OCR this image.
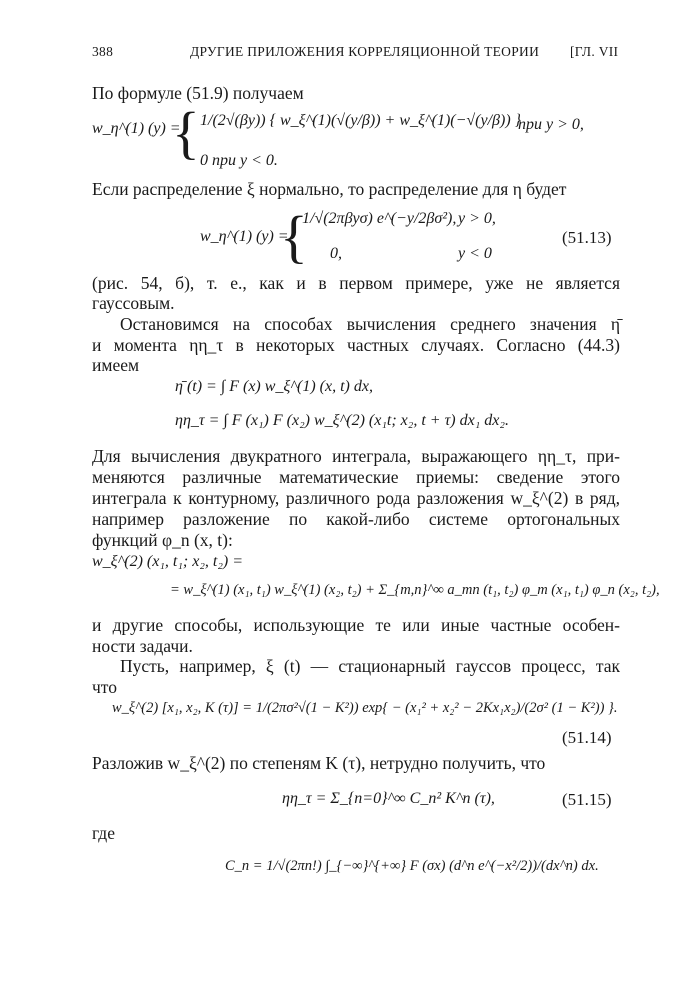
388	ДРУГИЕ ПРИЛОЖЕНИЯ КОРРЕЛЯЦИОННОЙ ТЕОРИИ [ГЛ. VII
По формуле (51.9) получаем
w_η^(1) (y) =
{ 1/(2√(βy)) { w_ξ^(1)(√(y/β)) + w_ξ^(1)(−√(y/β)) }
при y > 0,
0 при y < 0.
Если распределение ξ нормально, то распределение для η будет
w_η^(1) (y) =
{
1/√(2πβyσ) e^(−y/2βσ²), y > 0,
0,	y < 0
(51.13)
(рис. 54, б), т. е., как и в первом примере, уже не является
гауссовым.
Остановимся на способах вычисления среднего значения η̄
и момента ηη_τ в некоторых частных случаях. Согласно (44.3)
имеем
η̄ (t) = ∫ F (x) w_ξ^(1) (x, t) dx,
ηη_τ = ∫ F (x₁) F (x₂) w_ξ^(2) (x₁t; x₂, t + τ) dx₁ dx₂.
Для вычисления двукратного интеграла, выражающего ηη_τ, при-
меняются различные математические приемы: сведение этого
интеграла к контурному, различного рода разложения w_ξ^(2) в ряд,
например разложение по какой-либо системе ортогональных
функций φ_n (x, t):
w_ξ^(2) (x₁, t₁; x₂, t₂) =
= w_ξ^(1) (x₁, t₁) w_ξ^(1) (x₂, t₂) + Σ_{m,n}^∞ a_mn (t₁, t₂) φ_m (x₁, t₁) φ_n (x₂, t₂),
и другие способы, использующие те или иные частные особен-
ности задачи.
Пусть, например, ξ (t) — стационарный гауссов процесс, так
что
w_ξ^(2) [x₁, x₂, K (τ)] = 1/(2πσ²√(1 − K²)) exp{ − (x₁² + x₂² − 2Kx₁x₂)/(2σ² (1 − K²)) }.
(51.14)
Разложив w_ξ^(2) по степеням K (τ), нетрудно получить, что
ηη_τ = Σ_{n=0}^∞ C_n² K^n (τ),	(51.15)
где
C_n = 1/√(2πn!) ∫_{−∞}^{+∞} F (σx) (d^n e^(−x²/2))/(dx^n) dx.
